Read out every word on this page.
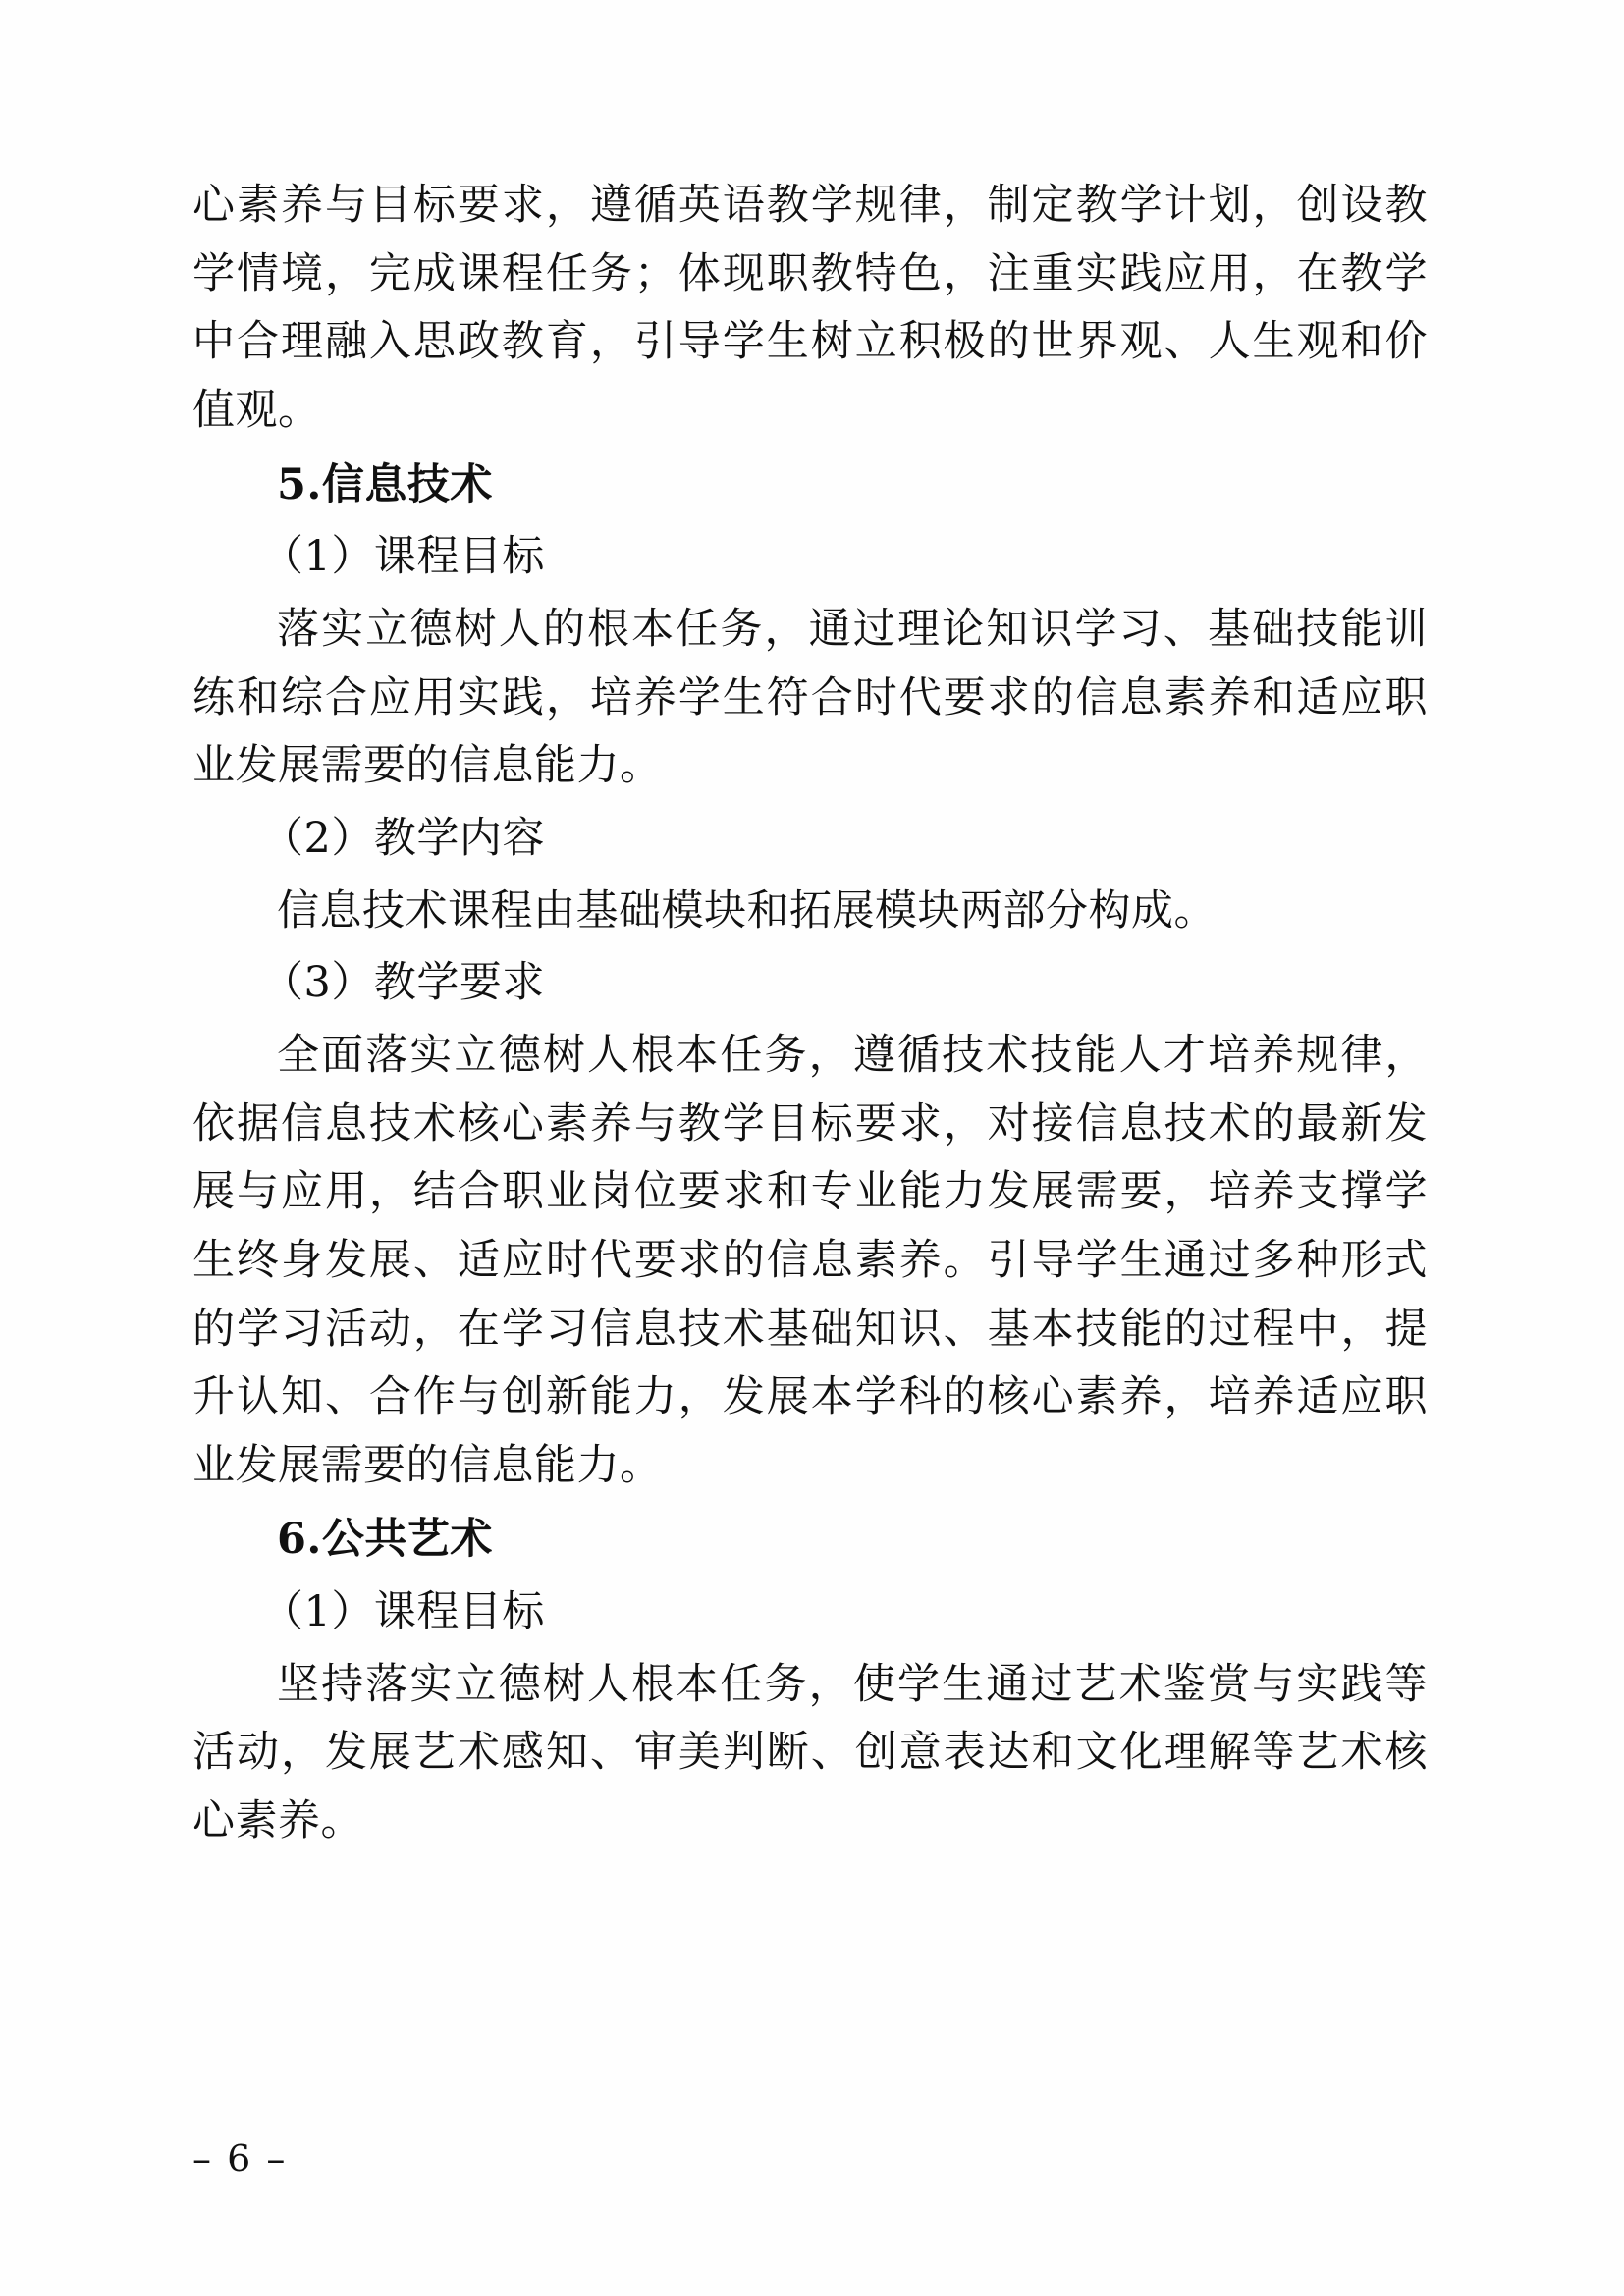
心素养与目标要求，遵循英语教学规律，制定教学计划，创设教学情境，完成课程任务；体现职教特色，注重实践应用，在教学中合理融入思政教育，引导学生树立积极的世界观、人生观和价值观。

5.信息技术

（1）课程目标

落实立德树人的根本任务，通过理论知识学习、基础技能训练和综合应用实践，培养学生符合时代要求的信息素养和适应职业发展需要的信息能力。

（2）教学内容

信息技术课程由基础模块和拓展模块两部分构成。

（3）教学要求

全面落实立德树人根本任务，遵循技术技能人才培养规律，依据信息技术核心素养与教学目标要求，对接信息技术的最新发展与应用，结合职业岗位要求和专业能力发展需要，培养支撑学生终身发展、适应时代要求的信息素养。引导学生通过多种形式的学习活动，在学习信息技术基础知识、基本技能的过程中，提升认知、合作与创新能力，发展本学科的核心素养，培养适应职业发展需要的信息能力。

6.公共艺术

（1）课程目标

坚持落实立德树人根本任务，使学生通过艺术鉴赏与实践等活动，发展艺术感知、审美判断、创意表达和文化理解等艺术核心素养。

– 6 –
